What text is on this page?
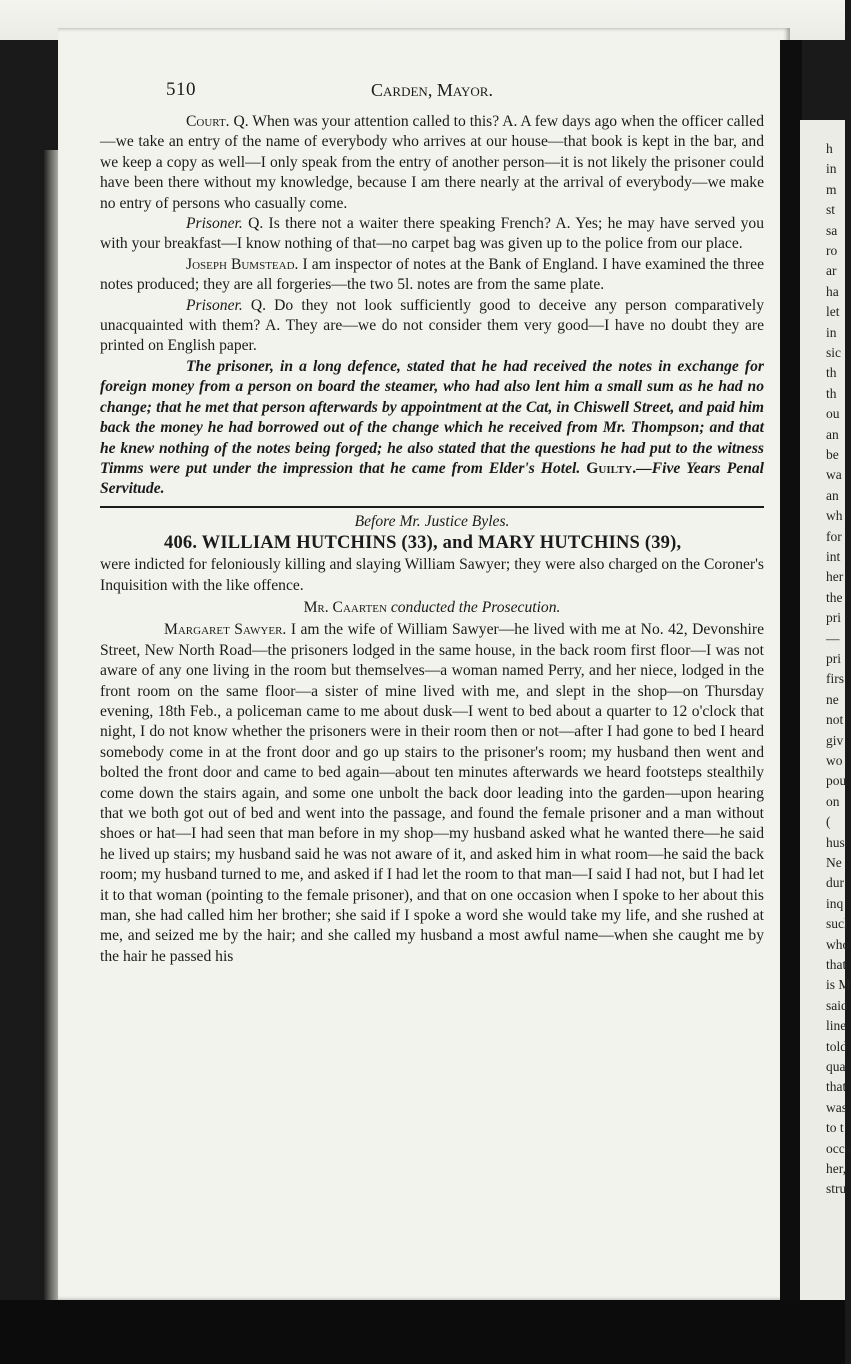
h
in
m
st
sa
ro
ar
ha
let
in
sic
th
th
ou
an
be
wa
an
wh
for
int
her
the
pri
—
pri
firs
ne
not
giv
wo
pou
on
(
hus
Ne
dur
inq
sucl
who
that
is M
said
line
told
qua
that
was
to t
occa
her,
stru
510	Carden, Mayor.

Court. Q. When was your attention called to this? A. A few days ago when the officer called—we take an entry of the name of everybody who arrives at our house—that book is kept in the bar, and we keep a copy as well—I only speak from the entry of another person—it is not likely the prisoner could have been there without my knowledge, because I am there nearly at the arrival of everybody—we make no entry of persons who casually come.

Prisoner. Q. Is there not a waiter there speaking French? A. Yes; he may have served you with your breakfast—I know nothing of that—no carpet bag was given up to the police from our place.

Joseph Bumstead. I am inspector of notes at the Bank of England. I have examined the three notes produced; they are all forgeries—the two 5l. notes are from the same plate.

Prisoner. Q. Do they not look sufficiently good to deceive any person comparatively unacquainted with them? A. They are—we do not consider them very good—I have no doubt they are printed on English paper.

The prisoner, in a long defence, stated that he had received the notes in exchange for foreign money from a person on board the steamer, who had also lent him a small sum as he had no change; that he met that person afterwards by appointment at the Cat, in Chiswell Street, and paid him back the money he had borrowed out of the change which he received from Mr. Thompson; and that he knew nothing of the notes being forged; he also stated that the questions he had put to the witness Timms were put under the impression that he came from Elder's Hotel. Guilty.—Five Years Penal Servitude.

Before Mr. Justice Byles.

406. WILLIAM HUTCHINS (33), and MARY HUTCHINS (39),

were indicted for feloniously killing and slaying William Sawyer; they were also charged on the Coroner's Inquisition with the like offence.

Mr. Caarten conducted the Prosecution.

Margaret Sawyer. I am the wife of William Sawyer—he lived with me at No. 42, Devonshire Street, New North Road—the prisoners lodged in the same house, in the back room first floor—I was not aware of any one living in the room but themselves—a woman named Perry, and her niece, lodged in the front room on the same floor—a sister of mine lived with me, and slept in the shop—on Thursday evening, 18th Feb., a policeman came to me about dusk—I went to bed about a quarter to 12 o'clock that night, I do not know whether the prisoners were in their room then or not—after I had gone to bed I heard somebody come in at the front door and go up stairs to the prisoner's room; my husband then went and bolted the front door and came to bed again—about ten minutes afterwards we heard footsteps stealthily come down the stairs again, and some one unbolt the back door leading into the garden—upon hearing that we both got out of bed and went into the passage, and found the female prisoner and a man without shoes or hat—I had seen that man before in my shop—my husband asked what he wanted there—he said he lived up stairs; my husband said he was not aware of it, and asked him in what room—he said the back room; my husband turned to me, and asked if I had let the room to that man—I said I had not, but I had let it to that woman (pointing to the female prisoner), and that on one occasion when I spoke to her about this man, she had called him her brother; she said if I spoke a word she would take my life, and she rushed at me, and seized me by the hair; and she called my husband a most awful name—when she caught me by the hair he passed his
